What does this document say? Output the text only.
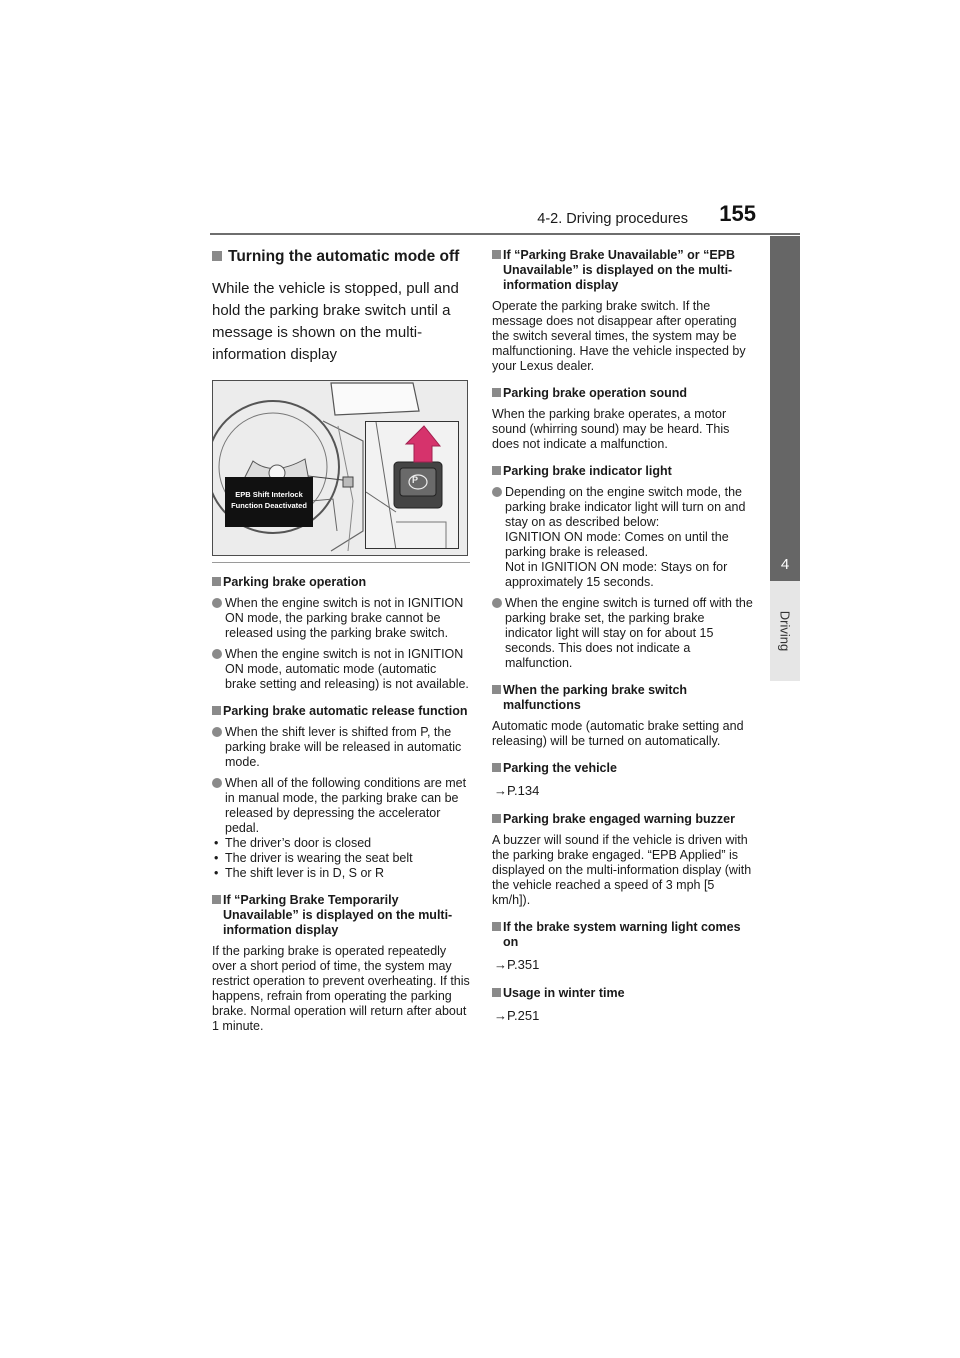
4-2. Driving procedures 155
4
Driving
Turning the automatic mode off
While the vehicle is stopped, pull and hold the parking brake switch until a message is shown on the multi-information display
EPB Shift Interlock Function Deactivated
P
Parking brake operation
When the engine switch is not in IGNITION ON mode, the parking brake cannot be released using the parking brake switch.
When the engine switch is not in IGNITION ON mode, automatic mode (automatic brake setting and releasing) is not available.
Parking brake automatic release function
When the shift lever is shifted from P, the parking brake will be released in automatic mode.
When all of the following conditions are met in manual mode, the parking brake can be released by depressing the accelerator pedal.
• The driver’s door is closed
• The driver is wearing the seat belt
• The shift lever is in D, S or R
If “Parking Brake Temporarily Unavailable” is displayed on the multi-information display
If the parking brake is operated repeatedly over a short period of time, the system may restrict operation to prevent overheating. If this happens, refrain from operating the parking brake. Normal operation will return after about 1 minute.
If “Parking Brake Unavailable” or “EPB Unavailable” is displayed on the multi-information display
Operate the parking brake switch. If the message does not disappear after operating the switch several times, the system may be malfunctioning. Have the vehicle inspected by your Lexus dealer.
Parking brake operation sound
When the parking brake operates, a motor sound (whirring sound) may be heard. This does not indicate a malfunction.
Parking brake indicator light
Depending on the engine switch mode, the parking brake indicator light will turn on and stay on as described below:
IGNITION ON mode: Comes on until the parking brake is released.
Not in IGNITION ON mode: Stays on for approximately 15 seconds.
When the engine switch is turned off with the parking brake set, the parking brake indicator light will stay on for about 15 seconds. This does not indicate a malfunction.
When the parking brake switch malfunctions
Automatic mode (automatic brake setting and releasing) will be turned on automatically.
Parking the vehicle
→P.134
Parking brake engaged warning buzzer
A buzzer will sound if the vehicle is driven with the parking brake engaged. “EPB Applied” is displayed on the multi-information display (with the vehicle reached a speed of 3 mph [5 km/h]).
If the brake system warning light comes on
→P.351
Usage in winter time
→P.251
